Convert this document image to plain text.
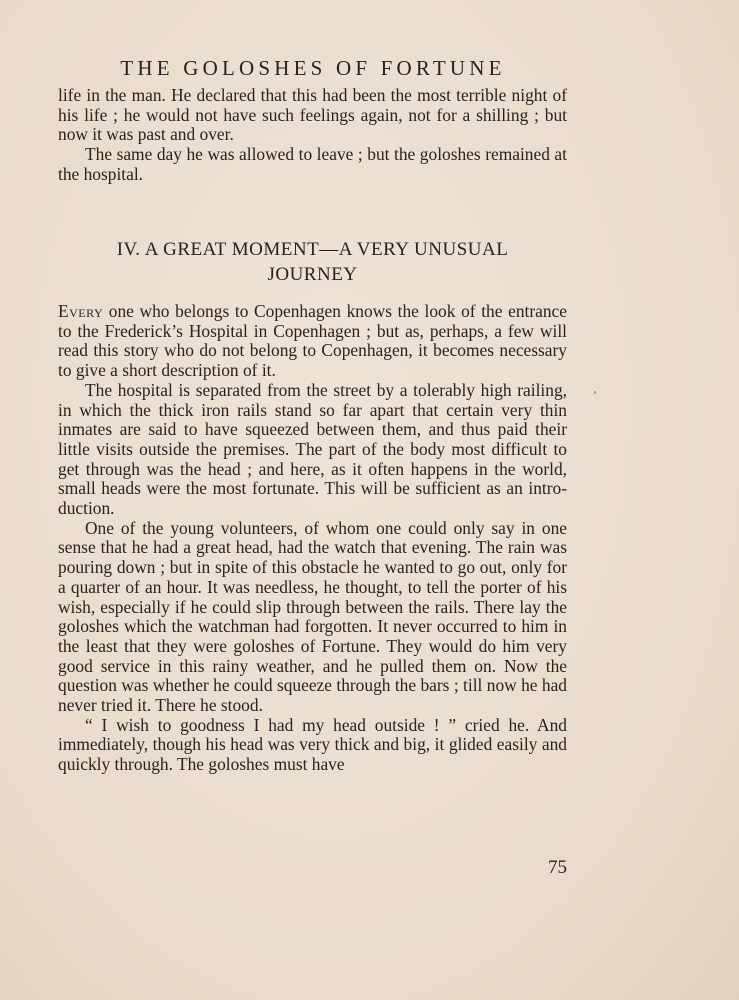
THE GOLOSHES OF FORTUNE

life in the man. He declared that this had been the most terrible night of his life ; he would not have such feelings again, not for a shilling ; but now it was past and over.

The same day he was allowed to leave ; but the goloshes remained at the hospital.

IV. A GREAT MOMENT—A VERY UNUSUAL
JOURNEY

Every one who belongs to Copenhagen knows the look of the entrance to the Frederick’s Hospital in Copenhagen ; but as, perhaps, a few will read this story who do not belong to Copenhagen, it becomes necessary to give a short description of it.

The hospital is separated from the street by a tolerably high railing, in which the thick iron rails stand so far apart that certain very thin inmates are said to have squeezed between them, and thus paid their little visits outside the premises. The part of the body most difficult to get through was the head ; and here, as it often happens in the world, small heads were the most fortunate. This will be sufficient as an intro-duction.

One of the young volunteers, of whom one could only say in one sense that he had a great head, had the watch that evening. The rain was pouring down ; but in spite of this obstacle he wanted to go out, only for a quarter of an hour. It was needless, he thought, to tell the porter of his wish, especially if he could slip through between the rails. There lay the goloshes which the watchman had forgotten. It never occurred to him in the least that they were goloshes of Fortune. They would do him very good service in this rainy weather, and he pulled them on. Now the question was whether he could squeeze through the bars ; till now he had never tried it. There he stood.

“ I wish to goodness I had my head outside ! ” cried he. And immediately, though his head was very thick and big, it glided easily and quickly through. The goloshes must have

75
